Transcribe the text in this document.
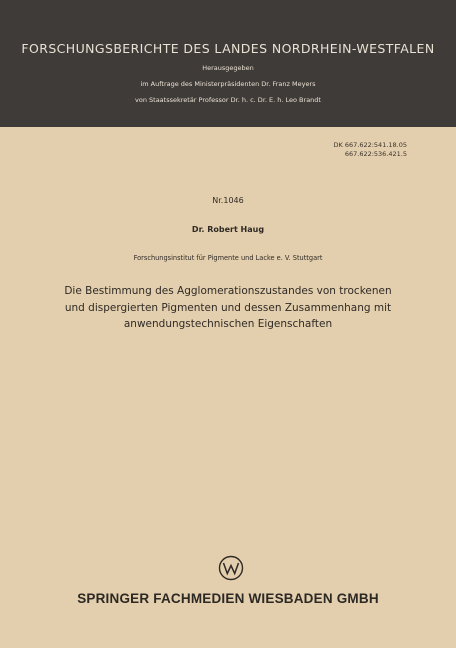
FORSCHUNGSBERICHTE DES LANDES NORDRHEIN-WESTFALEN
Herausgegeben
im Auftrage des Ministerpräsidenten Dr. Franz Meyers
von Staatssekretär Professor Dr. h. c. Dr. E. h. Leo Brandt
DK 667.622:541.18.05
667.622:536.421.5
Nr.1046
Dr. Robert Haug
Forschungsinstitut für Pigmente und Lacke e. V. Stuttgart
Die Bestimmung des Agglomerationszustandes von trockenen
und dispergierten Pigmenten und dessen Zusammenhang mit
anwendungstechnischen Eigenschaften
SPRINGER FACHMEDIEN WIESBADEN GMBH
